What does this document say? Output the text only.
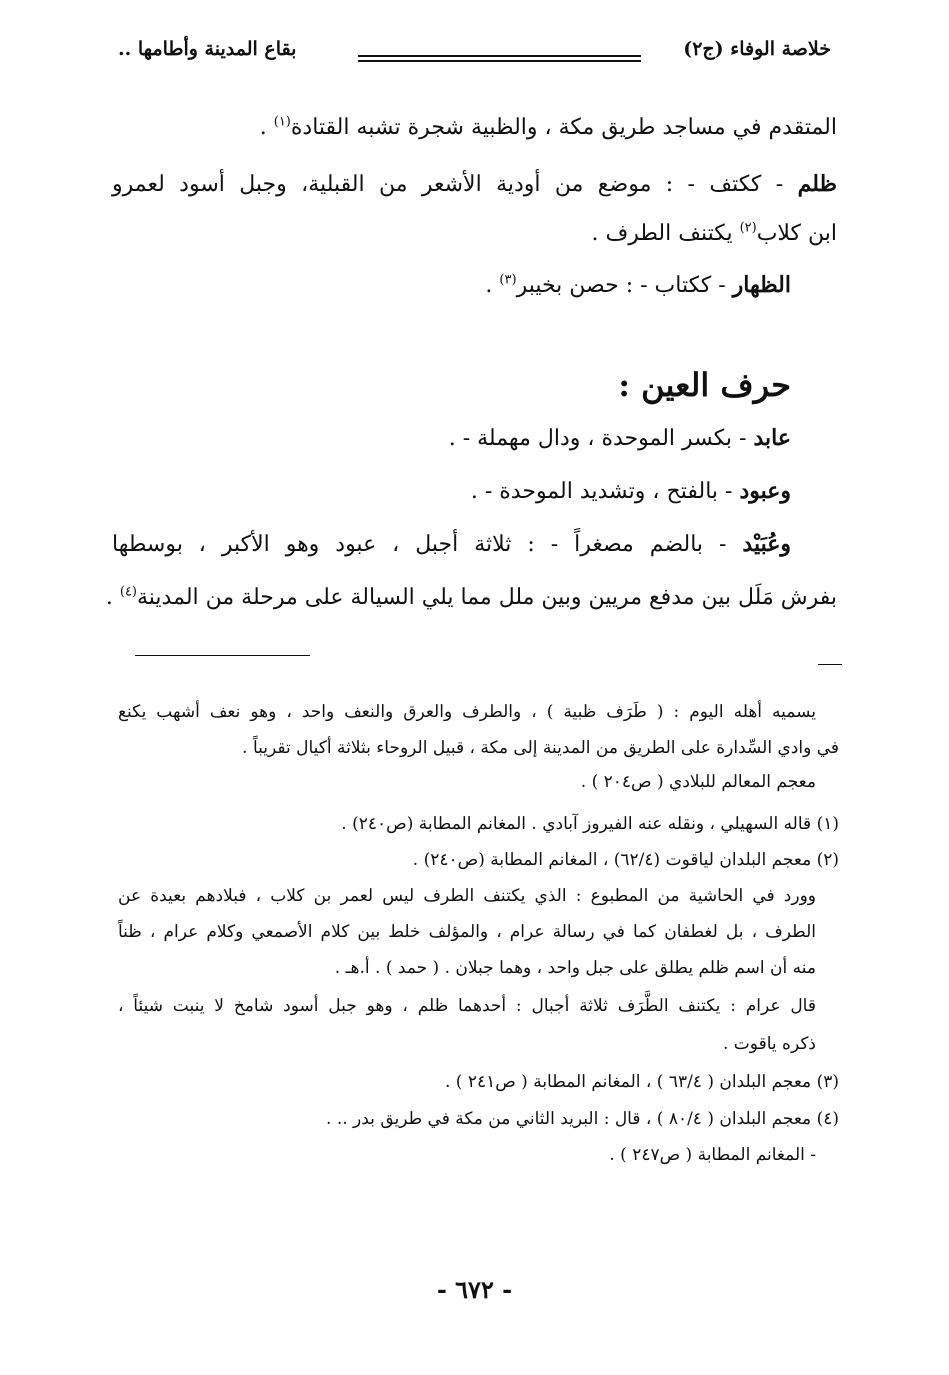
خلاصة الوفاء (ج٢)
بقاع المدينة وأطامها ..
المتقدم في مساجد طريق مكة ، والظبية شجرة تشبه القتادة$^{(١)}$ .
ظلم - ككتف - : موضع من أودية الأشعر من القبلية، وجبل أسود لعمرو
ابن كلاب$^{(٢)}$ يكتنف الطرف .
الظهار - ككتاب - : حصن بخيبر$^{(٣)}$ .
حرف العين :
عابد - بكسر الموحدة ، ودال مهملة - .
وعبود - بالفتح ، وتشديد الموحدة - .
وعُبَيْد - بالضم مصغراً - : ثلاثة أجبل ، عبود وهو الأكبر ، بوسطها
بفرش مَلَل بين مدفع مريين وبين ملل مما يلي السيالة على مرحلة من المدينة$^{(٤)}$ .
يسميه أهله اليوم : ( طَرَف ظبية ) ، والطرف والعرق والنعف واحد ، وهو نعف أشهب يكنع
في وادي السِّدارة على الطريق من المدينة إلى مكة ، قبيل الروحاء بثلاثة أكيال تقريباً .
معجم المعالم للبلادي ( ص٢٠٤ ) .
(١) قاله السهيلي ، ونقله عنه الفيروز آبادي . المغانم المطابة (ص٢٤٠) .
(٢) معجم البلدان لياقوت (٦٢/٤) ، المغانم المطابة (ص٢٤٠) .
وورد في الحاشية من المطبوع : الذي يكتنف الطرف ليس لعمر بن كلاب ، فبلادهم بعيدة عن
الطرف ، بل لغطفان كما في رسالة عرام ، والمؤلف خلط بين كلام الأصمعي وكلام عرام ، ظناً
منه أن اسم ظلم يطلق على جبل واحد ، وهما جبلان . ( حمد ) . أ.هـ .
قال عرام : يكتنف الطَّرَف ثلاثة أجبال : أحدهما ظلم ، وهو جبل أسود شامخ لا ينبت شيئاً ،
ذكره ياقوت .
(٣) معجم البلدان ( ٦٣/٤ ) ، المغانم المطابة ( ص٢٤١ ) .
(٤) معجم البلدان ( ٨٠/٤ ) ، قال : البريد الثاني من مكة في طريق بدر .. .
- المغانم المطابة ( ص٢٤٧ ) .
- ٦٧٢ -
